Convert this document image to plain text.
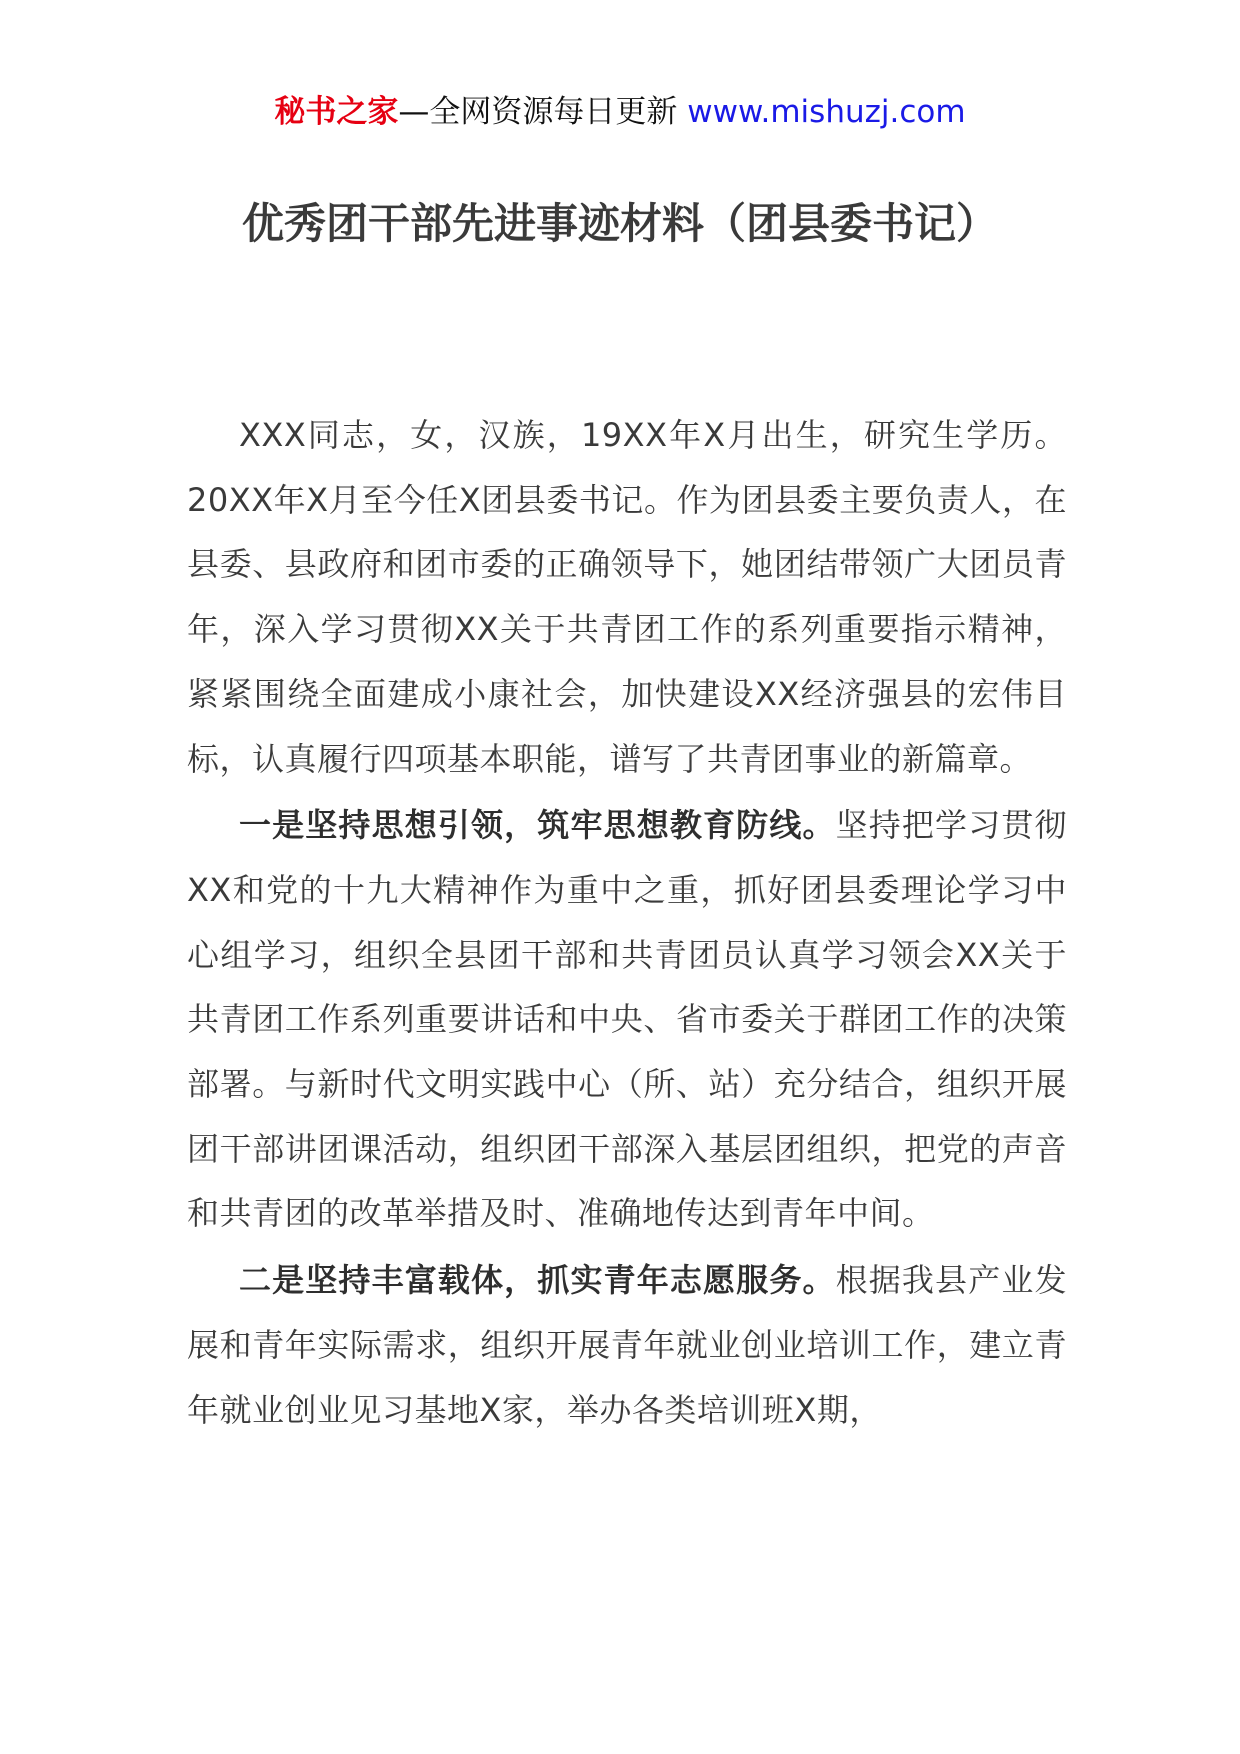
秘书之家—全网资源每日更新 www.mishuzj.com
优秀团干部先进事迹材料（团县委书记）

XXX同志，女，汉族，19XX年X月出生，研究生学历。20XX年X月至今任X团县委书记。作为团县委主要负责人，在县委、县政府和团市委的正确领导下，她团结带领广大团员青年，深入学习贯彻XX关于共青团工作的系列重要指示精神，紧紧围绕全面建成小康社会，加快建设XX经济强县的宏伟目标，认真履行四项基本职能，谱写了共青团事业的新篇章。

一是坚持思想引领，筑牢思想教育防线。坚持把学习贯彻XX和党的十九大精神作为重中之重，抓好团县委理论学习中心组学习，组织全县团干部和共青团员认真学习领会XX关于共青团工作系列重要讲话和中央、省市委关于群团工作的决策部署。与新时代文明实践中心（所、站）充分结合，组织开展团干部讲团课活动，组织团干部深入基层团组织，把党的声音和共青团的改革举措及时、准确地传达到青年中间。

二是坚持丰富载体，抓实青年志愿服务。根据我县产业发展和青年实际需求，组织开展青年就业创业培训工作，建立青年就业创业见习基地X家，举办各类培训班X期，
